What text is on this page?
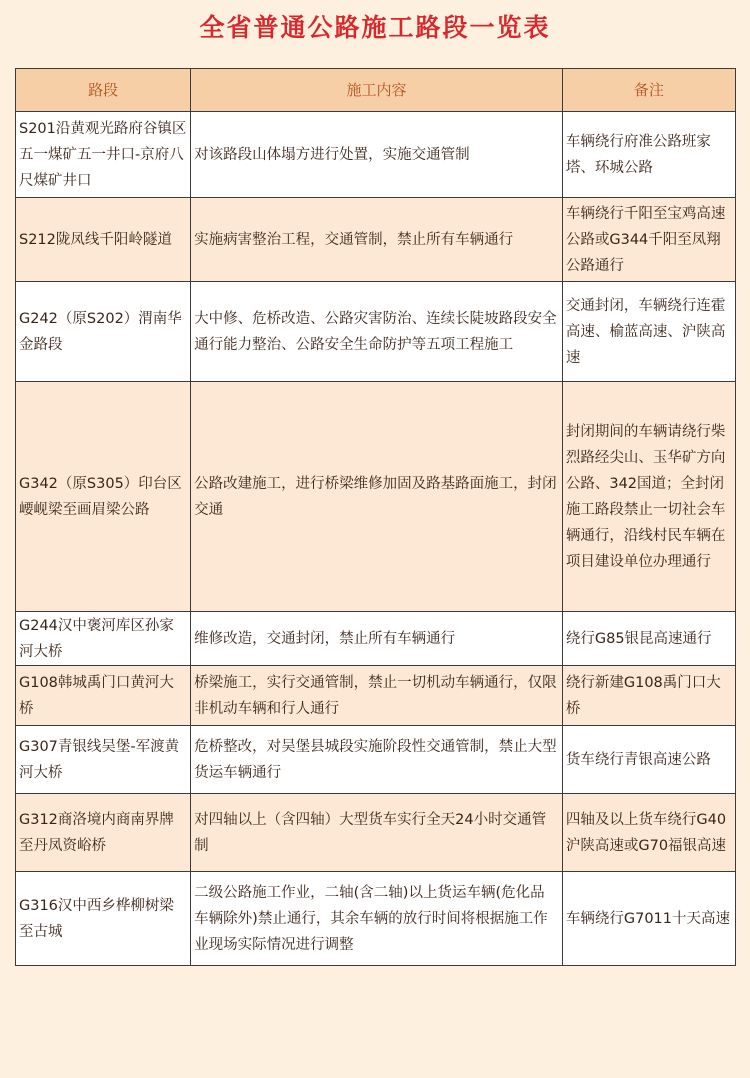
全省普通公路施工路段一览表
路段	施工内容	备注
S201沿黄观光路府谷镇区五一煤矿五一井口-京府八尺煤矿井口	对该路段山体塌方进行处置，实施交通管制	车辆绕行府准公路班家塔、环城公路
S212陇凤线千阳岭隧道	实施病害整治工程，交通管制，禁止所有车辆通行	车辆绕行千阳至宝鸡高速公路或G344千阳至凤翔公路通行
G242（原S202）渭南华金路段	大中修、危桥改造、公路灾害防治、连续长陡坡路段安全通行能力整治、公路安全生命防护等五项工程施工	交通封闭，车辆绕行连霍高速、榆蓝高速、沪陕高速
G342（原S305）印台区崾岘梁至画眉梁公路	公路改建施工，进行桥梁维修加固及路基路面施工，封闭交通	封闭期间的车辆请绕行柴烈路经尖山、玉华矿方向公路、342国道；全封闭施工路段禁止一切社会车辆通行，沿线村民车辆在项目建设单位办理通行
G244汉中褒河库区孙家河大桥	维修改造，交通封闭，禁止所有车辆通行	绕行G85银昆高速通行
G108韩城禹门口黄河大桥	桥梁施工，实行交通管制，禁止一切机动车辆通行，仅限非机动车辆和行人通行	绕行新建G108禹门口大桥
G307青银线吴堡-军渡黄河大桥	危桥整改，对吴堡县城段实施阶段性交通管制，禁止大型货运车辆通行	货车绕行青银高速公路
G312商洛境内商南界牌至丹凤资峪桥	对四轴以上（含四轴）大型货车实行全天24小时交通管制	四轴及以上货车绕行G40沪陕高速或G70福银高速
G316汉中西乡桦柳树梁至古城	二级公路施工作业，二轴(含二轴)以上货运车辆(危化品车辆除外)禁止通行，其余车辆的放行时间将根据施工作业现场实际情况进行调整	车辆绕行G7011十天高速
